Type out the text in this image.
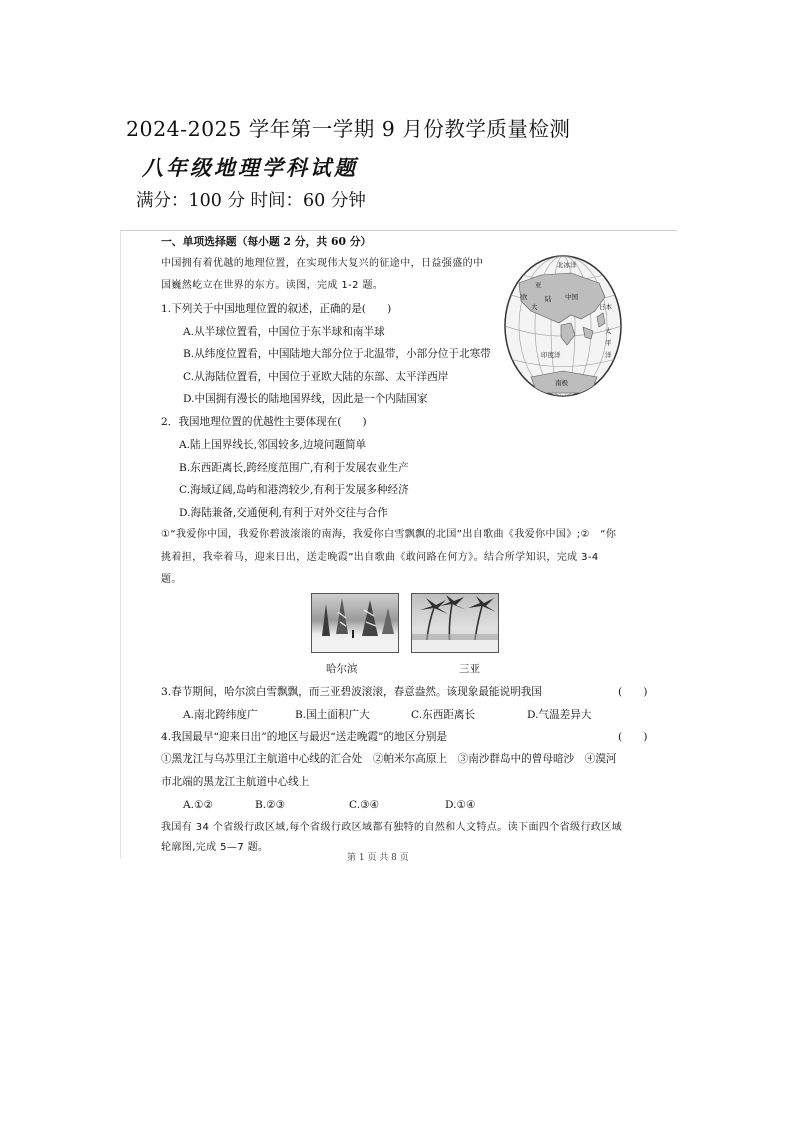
2024-2025 学年第一学期 9 月份教学质量检测
八年级地理学科试题
满分：100 分 时间：60 分钟
一、单项选择题（每小题 2 分，共 60 分）
中国拥有着优越的地理位置，在实现伟大复兴的征途中，日益强盛的中
国巍然屹立在世界的东方。读图，完成 1-2 题。	亚
欧
北冰洋
大
陆
日本
中国
太
平
洋
印度洋
南极
1.下列关于中国地理位置的叙述，正确的是(　　)
A.从半球位置看，中国位于东半球和南半球
B.从纬度位置看，中国陆地大部分位于北温带，小部分位于北寒带
C.从海陆位置看，中国位于亚欧大陆的东部、太平洋西岸
D.中国拥有漫长的陆地国界线，因此是一个内陆国家
2．我国地理位置的优越性主要体现在(　　)
A.陆上国界线长,邻国较多,边境问题简单
B.东西距离长,跨经度范围广,有利于发展农业生产
C.海域辽阔,岛屿和港湾较少,有利于发展多种经济
D.海陆兼备,交通便利,有利于对外交往与合作
①“我爱你中国，我爱你碧波滚滚的南海，我爱你白雪飘飘的北国”出自歌曲《我爱你中国》;②　“你
挑着担，我牵着马，迎来日出，送走晚霞”出自歌曲《敢问路在何方》。结合所学知识，完成 3-4
题。
哈尔滨	三亚
3.春节期间，哈尔滨白雪飘飘，而三亚碧波滚滚，春意盎然。该现象最能说明我国	(　　)
A.南北跨纬度广	B.国土面积广大	C.东西距离长	D.气温差异大
4.我国最早“迎来日出”的地区与最迟“送走晚霞”的地区分别是	(　　)
①黑龙江与乌苏里江主航道中心线的汇合处　②帕米尔高原上　③南沙群岛中的曾母暗沙　④漠河
市北端的黑龙江主航道中心线上
A.①②	B.②③	C.③④	D.①④
我国有 34 个省级行政区域,每个省级行政区域都有独特的自然和人文特点。读下面四个省级行政区域
轮廓图,完成 5—7 题。
第 1 页 共 8 页
